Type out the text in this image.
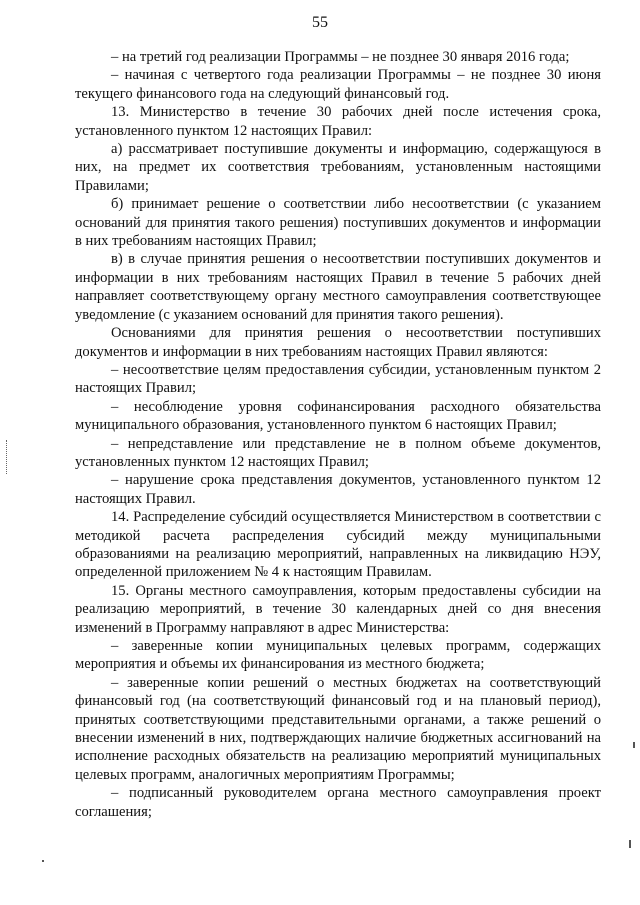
55

– на третий год реализации Программы – не позднее 30 января 2016 года;

– начиная с четвертого года реализации Программы – не позднее 30 июня текущего финансового года на следующий финансовый год.

13. Министерство в течение 30 рабочих дней после истечения срока, установленного пунктом 12 настоящих Правил:

а) рассматривает поступившие документы и информацию, содержащуюся в них, на предмет их соответствия требованиям, установленным настоящими Правилами;

б) принимает решение о соответствии либо несоответствии (с указанием оснований для принятия такого решения) поступивших документов и информации в них требованиям настоящих Правил;

в) в случае принятия решения о несоответствии поступивших документов и информации в них требованиям настоящих Правил в течение 5 рабочих дней направляет соответствующему органу местного самоуправления соответствующее уведомление (с указанием оснований для принятия такого решения).

Основаниями для принятия решения о несоответствии поступивших документов и информации в них требованиям настоящих Правил являются:

– несоответствие целям предоставления субсидии, установленным пунктом 2 настоящих Правил;

– несоблюдение уровня софинансирования расходного обязательства муниципального образования, установленного пунктом 6 настоящих Правил;

– непредставление или представление не в полном объеме документов, установленных пунктом 12 настоящих Правил;

– нарушение срока представления документов, установленного пунктом 12 настоящих Правил.

14. Распределение субсидий осуществляется Министерством в соответствии с методикой расчета распределения субсидий между муниципальными образованиями на реализацию мероприятий, направленных на ликвидацию НЭУ, определенной приложением № 4 к настоящим Правилам.

15. Органы местного самоуправления, которым предоставлены субсидии на реализацию мероприятий, в течение 30 календарных дней со дня внесения изменений в Программу направляют в адрес Министерства:

– заверенные копии муниципальных целевых программ, содержащих мероприятия и объемы их финансирования из местного бюджета;

– заверенные копии решений о местных бюджетах на соответствующий финансовый год (на соответствующий финансовый год и на плановый период), принятых соответствующими представительными органами, а также решений о внесении изменений в них, подтверждающих наличие бюджетных ассигнований на исполнение расходных обязательств на реализацию мероприятий муниципальных целевых программ, аналогичных мероприятиям Программы;

– подписанный руководителем органа местного самоуправления проект соглашения;
